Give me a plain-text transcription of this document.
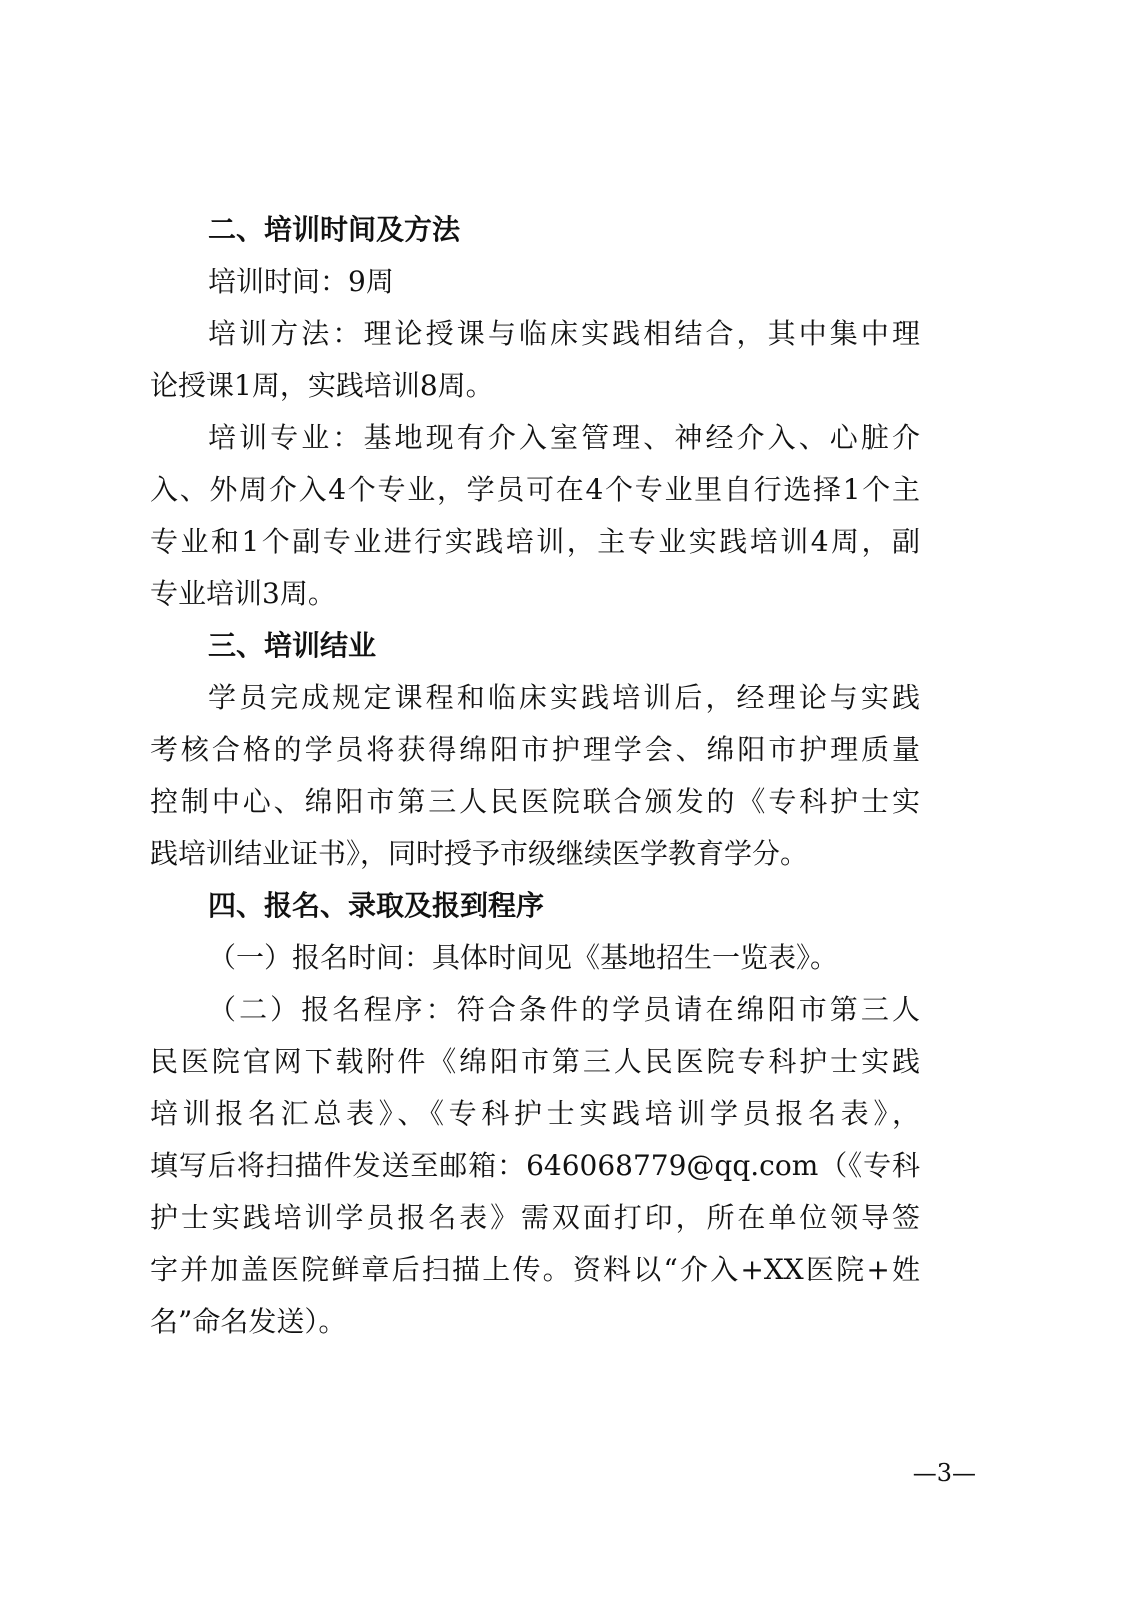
二、培训时间及方法

培训时间：9周

培训方法：理论授课与临床实践相结合，其中集中理

论授课1周，实践培训8周。

培训专业：基地现有介入室管理、神经介入、心脏介

入、外周介入4个专业，学员可在4个专业里自行选择1个主

专业和1个副专业进行实践培训，主专业实践培训4周，副

专业培训3周。

三、培训结业

学员完成规定课程和临床实践培训后，经理论与实践

考核合格的学员将获得绵阳市护理学会、绵阳市护理质量

控制中心、绵阳市第三人民医院联合颁发的《专科护士实

践培训结业证书》，同时授予市级继续医学教育学分。

四、报名、录取及报到程序

（一）报名时间：具体时间见《基地招生一览表》。

（二）报名程序：符合条件的学员请在绵阳市第三人

民医院官网下载附件《绵阳市第三人民医院专科护士实践

培训报名汇总表》、《专科护士实践培训学员报名表》，

填写后将扫描件发送至邮箱：646068779@qq.com（《专科

护士实践培训学员报名表》需双面打印，所在单位领导签

字并加盖医院鲜章后扫描上传。资料以“介入+XX医院+姓

名”命名发送）。

—3—
